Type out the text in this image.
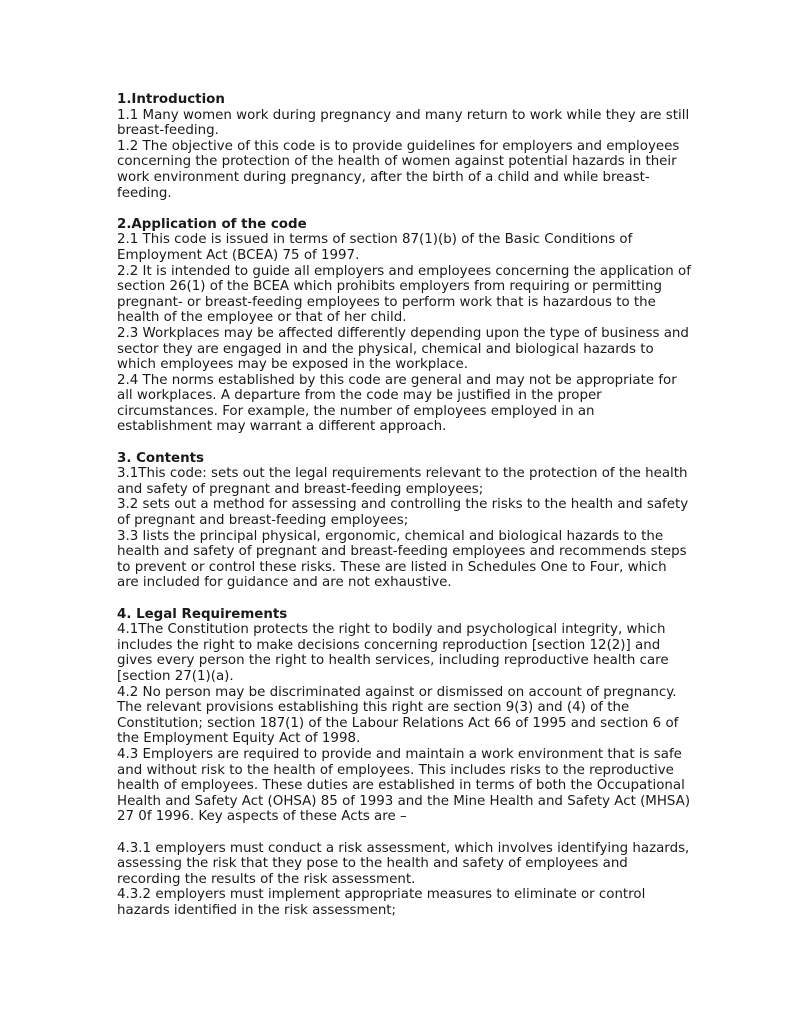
1.Introduction

1.1 Many women work during pregnancy and many return to work while they are still breast-feeding.

1.2 The objective of this code is to provide guidelines for employers and employees concerning the protection of the health of women against potential hazards in their work environment during pregnancy, after the birth of a child and while breast-feeding.

2.Application of the code

2.1 This code is issued in terms of section 87(1)(b) of the Basic Conditions of Employment Act (BCEA) 75 of 1997.

2.2 It is intended to guide all employers and employees concerning the application of section 26(1) of the BCEA which prohibits employers from requiring or permitting pregnant- or breast-feeding employees to perform work that is hazardous to the health of the employee or that of her child.

2.3 Workplaces may be affected differently depending upon the type of business and sector they are engaged in and the physical, chemical and biological hazards to which employees may be exposed in the workplace.

2.4 The norms established by this code are general and may not be appropriate for all workplaces. A departure from the code may be justified in the proper circumstances. For example, the number of employees employed in an establishment may warrant a different approach.

3. Contents

3.1This code: sets out the legal requirements relevant to the protection of the health and safety of pregnant and breast-feeding employees;

3.2 sets out a method for assessing and controlling the risks to the health and safety of pregnant and breast-feeding employees;

3.3 lists the principal physical, ergonomic, chemical and biological hazards to the health and safety of pregnant and breast-feeding employees and recommends steps to prevent or control these risks. These are listed in Schedules One to Four, which are included for guidance and are not exhaustive.

4. Legal Requirements

4.1The Constitution protects the right to bodily and psychological integrity, which includes the right to make decisions concerning reproduction [section 12(2)] and gives every person the right to health services, including reproductive health care [section 27(1)(a).

4.2 No person may be discriminated against or dismissed on account of pregnancy. The relevant provisions establishing this right are section 9(3) and (4) of the Constitution; section 187(1) of the Labour Relations Act 66 of 1995 and section 6 of the Employment Equity Act of 1998.

4.3 Employers are required to provide and maintain a work environment that is safe and without risk to the health of employees. This includes risks to the reproductive health of employees. These duties are established in terms of both the Occupational Health and Safety Act (OHSA) 85 of 1993 and the Mine Health and Safety Act (MHSA) 27 0f 1996. Key aspects of these Acts are –

4.3.1 employers must conduct a risk assessment, which involves identifying hazards, assessing the risk that they pose to the health and safety of employees and recording the results of the risk assessment.

4.3.2 employers must implement appropriate measures to eliminate or control hazards identified in the risk assessment;
